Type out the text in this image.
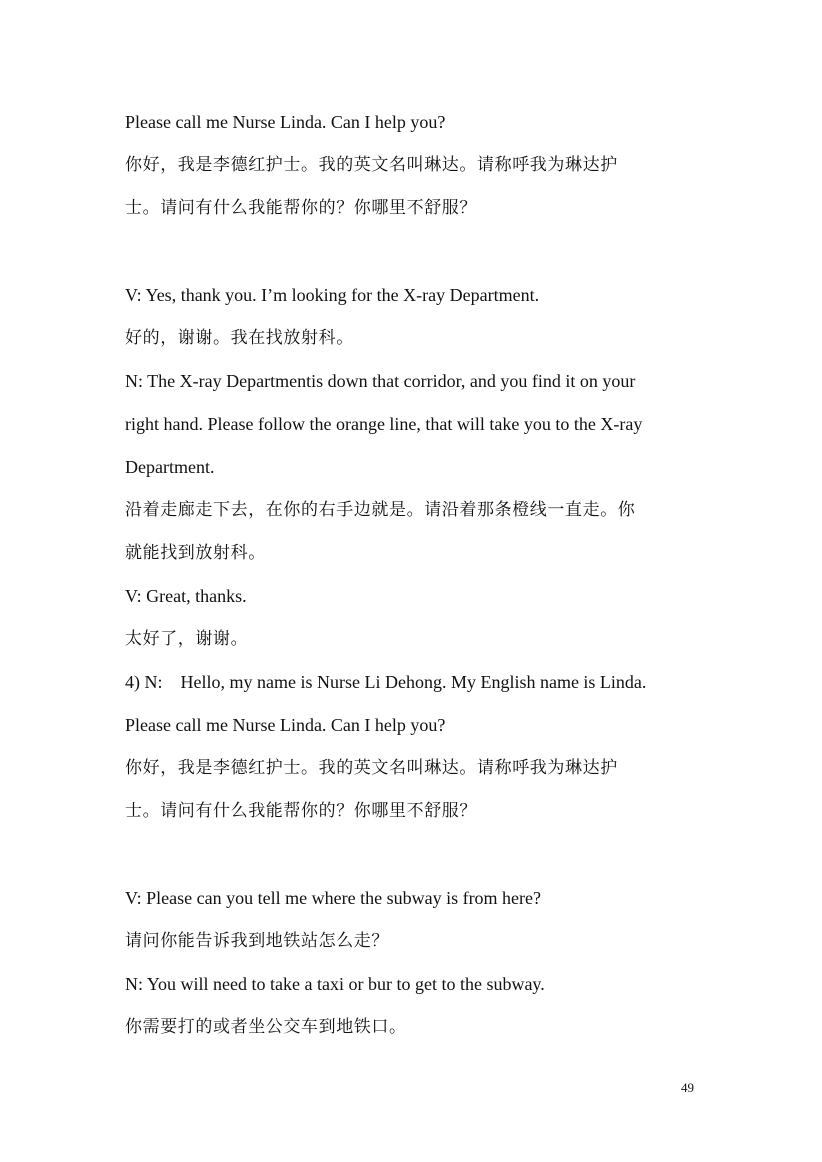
Please call me Nurse Linda. Can I help you?
你好，我是李德红护士。我的英文名叫琳达。请称呼我为琳达护
士。请问有什么我能帮你的？你哪里不舒服？
V: Yes, thank you. I’m looking for the X-ray Department.
好的，谢谢。我在找放射科。
N: The X-ray Departmentis down that corridor, and you find it on your
right hand. Please follow the orange line, that will take you to the X-ray
Department.
沿着走廊走下去，在你的右手边就是。请沿着那条橙线一直走。你
就能找到放射科。
V: Great, thanks.
太好了，谢谢。
4) N:    Hello, my name is Nurse Li Dehong. My English name is Linda.
Please call me Nurse Linda. Can I help you?
你好，我是李德红护士。我的英文名叫琳达。请称呼我为琳达护
士。请问有什么我能帮你的？你哪里不舒服？
V: Please can you tell me where the subway is from here?
请问你能告诉我到地铁站怎么走？
N: You will need to take a taxi or bur to get to the subway.
你需要打的或者坐公交车到地铁口。
49
